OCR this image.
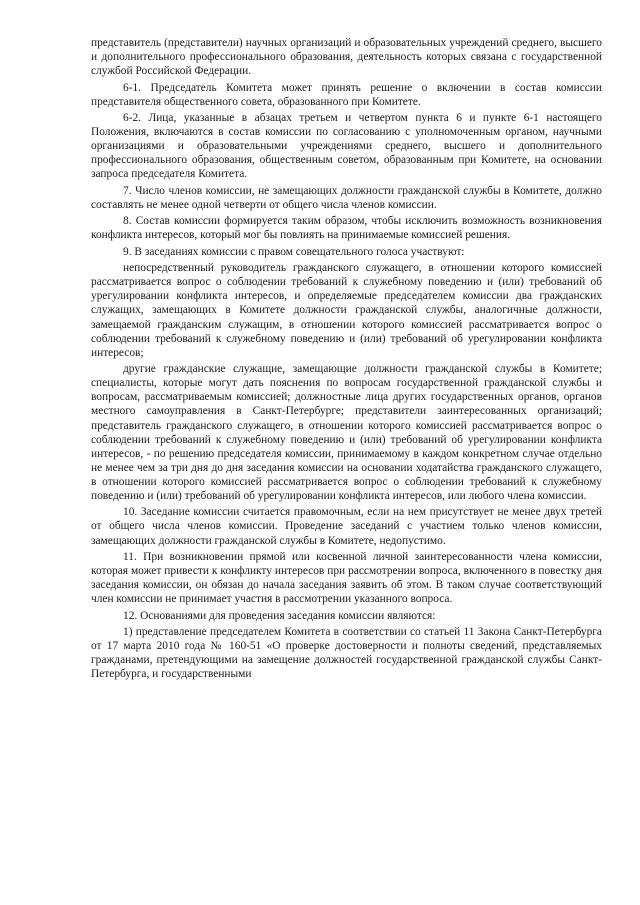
представитель (представители) научных организаций и образовательных учреждений среднего, высшего и дополнительного профессионального образования, деятельность которых связана с государственной службой Российской Федерации.

6-1. Председатель Комитета может принять решение о включении в состав комиссии представителя общественного совета, образованного при Комитете.

6-2. Лица, указанные в абзацах третьем и четвертом пункта 6 и пункте 6-1 настоящего Положения, включаются в состав комиссии по согласованию с уполномоченным органом, научными организациями и образовательными учреждениями среднего, высшего и дополнительного профессионального образования, общественным советом, образованным при Комитете, на основании запроса председателя Комитета.

7. Число членов комиссии, не замещающих должности гражданской службы в Комитете, должно составлять не менее одной четверти от общего числа членов комиссии.

8. Состав комиссии формируется таким образом, чтобы исключить возможность возникновения конфликта интересов, который мог бы повлиять на принимаемые комиссией решения.

9. В заседаниях комиссии с правом совещательного голоса участвуют:

непосредственный руководитель гражданского служащего, в отношении которого комиссией рассматривается вопрос о соблюдении требований к служебному поведению и (или) требований об урегулировании конфликта интересов, и определяемые председателем комиссии два гражданских служащих, замещающих в Комитете должности гражданской службы, аналогичные должности, замещаемой гражданским служащим, в отношении которого комиссией рассматривается вопрос о соблюдении требований к служебному поведению и (или) требований об урегулировании конфликта интересов;

другие гражданские служащие, замещающие должности гражданской службы в Комитете; специалисты, которые могут дать пояснения по вопросам государственной гражданской службы и вопросам, рассматриваемым комиссией; должностные лица других государственных органов, органов местного самоуправления в Санкт-Петербурге; представители заинтересованных организаций; представитель гражданского служащего, в отношении которого комиссией рассматривается вопрос о соблюдении требований к служебному поведению и (или) требований об урегулировании конфликта интересов, - по решению председателя комиссии, принимаемому в каждом конкретном случае отдельно не менее чем за три дня до дня заседания комиссии на основании ходатайства гражданского служащего, в отношении которого комиссией рассматривается вопрос о соблюдении требований к служебному поведению и (или) требований об урегулировании конфликта интересов, или любого члена комиссии.

10. Заседание комиссии считается правомочным, если на нем присутствует не менее двух третей от общего числа членов комиссии. Проведение заседаний с участием только членов комиссии, замещающих должности гражданской службы в Комитете, недопустимо.

11. При возникновении прямой или косвенной личной заинтересованности члена комиссии, которая может привести к конфликту интересов при рассмотрении вопроса, включенного в повестку дня заседания комиссии, он обязан до начала заседания заявить об этом. В таком случае соответствующий член комиссии не принимает участия в рассмотрении указанного вопроса.

12. Основаниями для проведения заседания комиссии являются:

1) представление председателем Комитета в соответствии со статьей 11 Закона Санкт-Петербурга от 17 марта 2010 года № 160-51 «О проверке достоверности и полноты сведений, представляемых гражданами, претендующими на замещение должностей государственной гражданской службы Санкт-Петербурга, и государственными
